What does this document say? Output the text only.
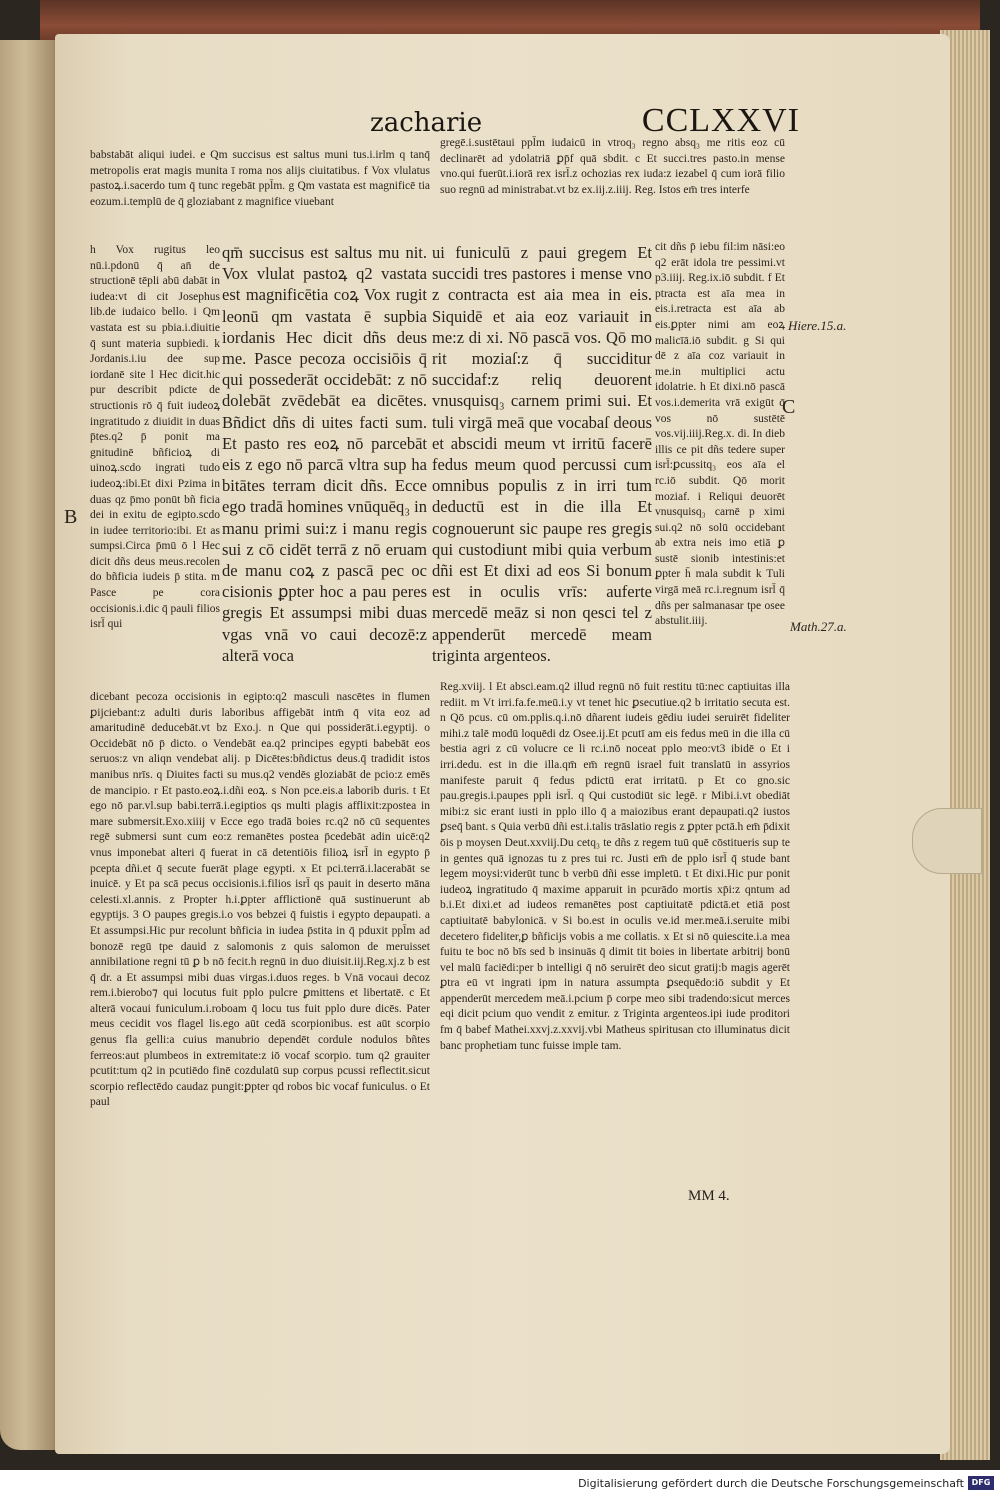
zacharie	CCLXXVI

babstabāt aliqui iudei. e Qm succisus est saltus muni tus.i.irlm q tanq̄ metropolis erat magis munita ī roma nos alijs ciuitatibus. f Vox vlulatus pastoꝝ.i.sacerdo tum q̄ tunc regebāt ppl̄m. g Qm vastata est magnificē tia eozum.i.templū de q̄ gloziabant z magnifice viuebant

gregē.i.sustētaui ppl̄m iudaicū in vtroq₃ regno absq₃ me ritis eoz cū declinarēt ad ydolatriā ꝑp̄f quā sbdit. c Et succi.tres pasto.in mense vno.qui fuerūt.i.iorā rex isrl̄.z ochozias rex iuda:z iezabel q̄ cum iorā filio suo regnū ad ministrabat.vt bz ex.iij.z.iiij. Reg. Istos em̄ tres interfe

h Vox rugitus leo nū.i.pdonū q̄ an̄ de structionē tēpli abū dabāt in iudea:vt di cit Josephus lib.de iudaico bello. i Qm vastata est su pbia.i.diuitie q̄ sunt materia supbiedi. k Jordanis.i.iu dee sup iordanē site l Hec dicit.hic pur describit pdicte de structionis rō q̄ fuit iudeoꝝ ingratitudo z diuidit in duas p̄tes.q2 p̄ ponit ma gnitudinē bñficioꝝ di uinoꝝ.scdo ingrati tudo iudeoꝝ:ibi.Et dixi Pzima in duas qz p̄mo ponūt bñ ficia dei in exitu de egipto.scdo in iudee territorio:ibi. Et as sumpsi.Circa p̄mū ō l Hec dicit dñs deus meus.recolen do bñficia iudeis p̄ stita. m Pasce pe cora occisionis.i.dic q̄ pauli filios isrl̄ qui

qm̄ succisus est saltus mu nit. Vox vlulat pastoꝝ q2 vastata est magnificētia coꝝ Vox rugit leonū qm vastata ē supbia iordanis Hec dicit dñs deus me. Pasce pecoza occisiōis q̄ qui possederāt occidebāt: z nō dolebāt zvēdebāt ea dicētes. Bñdict dñs di uites facti sum. Et pasto res eoꝝ nō parcebāt eis z ego nō parcā vltra sup ha bitātes terram dicit dñs. Ecce ego tradā homines vnūquēq₃ in manu primi sui:z i manu regis sui z cō cidēt terrā z nō eruam de manu coꝝ z pascā pec oc cisionis ꝑpter hoc a pau peres gregis Et assumpsi mibi duas vgas vnā vo caui decozē:z alterā voca

ui funiculū z paui gregem Et succidi tres pastores i mense vno z contracta est aia mea in eis. Siquidē et aia eoz variauit in me:z di xi. Nō pascā vos. Qō mo rit moziaſ:z q̄ succiditur succidaf:z reliq deuorent vnusquisq₃ carnem primi sui. Et tuli virgā meā que vocabaſ deous et abscidi meum vt irritū facerē fedus meum quod percussi cum omnibus populis z in irri tum deductū est in die illa Et cognouerunt sic paupe res gregis qui custodiunt mibi quia verbum dñi est Et dixi ad eos Si bonum est in oculis vrīs: auferte mercedē meāz si non qesci tel z appenderūt mercedē meam triginta argenteos.

cit dñs p̄ iebu fil:im nāsi:eo q2 erāt idola tre pessimi.vt p3.iiij. Reg.ix.iō subdit. f Et ptracta est aīa mea in eis.i.retracta est aīa ab eis.ꝑpter nimi am eoꝝ malicīā.iō subdit. g Si qui dē z aīa coz variauit in me.in multiplici actu idolatrie. h Et dixi.nō pascā vos.i.demerita vrā exigūt q̄ vos nō sustētē vos.vij.iiij.Reg.x. di. In dieb illis ce pit dñs tedere super isrl̄:ꝑcussitq₃ eos aīa el rc.iō subdit. Qō morit moziaf. i Reliqui deuorēt vnusquisq₃ carnē p ximi sui.q2 nō solū occidebant ab extra neis imo etiā ꝑ sustē sionib intestinis:et ꝑpter h̄ mala subdit k Tuli virgā meā rc.i.regnum isrl̄ q̄ dñs per salmanasar tpe osee abstulit.iiij.

dicebant pecoza occisionis in egipto:q2 masculi nascētes in flumen ꝑijciebant:z adulti duris laboribus affigebāt intm̄ q̄ vita eoz ad amaritudinē deducebāt.vt bz Exo.j. n Que qui possiderāt.i.egyptij. o Occidebāt nō p̄ dicto. o Vendebāt ea.q2 principes egypti babebāt eos seruos:z vn aliqn vendebat alij. p Dicētes:bñdictus deus.q̄ tradidit istos manibus nrīs. q Diuites facti su mus.q2 vendēs gloziabāt de pcio:z emēs de mancipio. r Et pasto.eoꝝ.i.dñi eoꝝ. s Non pce.eis.a laborib duris. t Et ego nō par.vl.sup babi.terrā.i.egiptios qs multi plagis afflixit:zpostea in mare submersit.Exo.xiiij v Ecce ego tradā boies rc.q2 nō cū sequentes regē submersi sunt cum eo:z remanētes postea p̄cedebāt adin uicē:q2 vnus imponebat alteri q̄ fuerat in cā detentiōis filioꝝ isrl̄ in egypto p̄ pcepta dñi.et q̄ secute fuerāt plage egypti. x Et pci.terrā.i.lacerabāt se inuicē. y Et pa scā pecus occisionis.i.filios isrl̄ qs pauit in deserto māna celesti.xl.annis. z Propter h.i.ꝑpter afflictionē quā sustinuerunt ab egyptijs. 3 O paupes gregis.i.o vos bebzei q̄ fuistis i egypto depaupati. a Et assumpsi.Hic pur recolunt bñficia in iudea p̄stita in q̄ pduxit ppl̄m ad bonozē regū tpe dauid z salomonis z quis salomon de meruisset annibilatione regni tū ꝑ b nō fecit.h regnū in duo diuisit.iij.Reg.xj.z b est q̄ dr. a Et assumpsi mibi duas virgas.i.duos reges. b Vnā vocaui decoz rem.i.bierobo⁊ qui locutus fuit pplo pulcre ꝑmittens et libertatē. c Et alterā vocaui funiculum.i.roboam q̄ locu tus fuit pplo dure dicēs. Pater meus cecidit vos flagel lis.ego aūt cedā scorpionibus. est aūt scorpio genus fla gelli:a cuius manubrio dependēt cordule nodulos bñtes ferreos:aut plumbeos in extremitate:z iō vocaf scorpio. tum q2 grauiter pcutit:tum q2 in pcutiēdo finē cozdulatū sup corpus pcussi reflectit.sicut scorpio reflectēdo caudaz pungit:ꝑpter qd robos bic vocaf funiculus. o Et paul

Reg.xviij. l Et absci.eam.q2 illud regnū nō fuit restitu tū:nec captiuitas illa rediit. m Vt irri.fa.fe.meū.i.y vt tenet hic ꝑsecutiue.q2 b irritatio secuta est. n Qō pcus. cū om.pplis.q.i.nō dñarent iudeis gēdiu iudei seruirēt fideliter mihi.z talē modū loquēdi dz Osee.ij.Et pcutī am eis fedus meū in die illa cū bestia agri z cū volucre ce li rc.i.nō noceat pplo meo:vt3 ibidē o Et i irri.dedu. est in die illa.qm̄ em̄ regnū israel fuit translatū in assyrios manifeste paruit q̄ fedus pdictū erat irritatū. p Et co gno.sic pau.gregis.i.paupes ppli isrl̄. q Qui custodiūt sic legē. r Mibi.i.vt obediāt mibi:z sic erant iusti in pplo illo q̄ a maiozibus erant depaupati.q2 iustos ꝑseq̄ bant. s Quia verbū dñi est.i.talis trāslatio regis z ꝑpter pctā.h em̄ p̄dixit ōis p moysen Deut.xxviij.Du cetq₃ te dñs z regem tuū quē cōstitueris sup te in gentes quā ignozas tu z pres tui rc. Justi em̄ de pplo isrl̄ q̄ stude bant legem moysi:viderūt tunc b verbū dñi esse impletū. t Et dixi.Hic pur ponit iudeoꝝ ingratitudo q̄ maxime apparuit in pcurādo mortis xp̄i:z qntum ad b.i.Et dixi.et ad iudeos remanētes post captiuitatē pdictā.et etiā post captiuitatē babylonicā. v Si bo.est in oculis ve.id mer.meā.i.seruite mibi decetero fideliter,ꝑ bñficijs vobis a me collatis. x Et si nō quiescite.i.a mea fuitu te boc nō bīs sed b insinuās q̄ dimit tit boies in libertate arbitrij bonū vel malū faciēdi:per b intelligi q̄ nō seruirēt deo sicut gratij:b magis agerēt ꝑtra eū vt ingrati ipm in natura assumpta ꝑsequēdo:iō subdit y Et appenderūt mercedem meā.i.pcium p̄ corpe meo sibi tradendo:sicut merces eqi dicit pcium quo vendit z emitur. z Triginta argenteos.ipi iude proditori fm q̄ babef Mathei.xxvj.z.xxvij.vbi Matheus spiritusan cto illuminatus dicit banc prophetiam tunc fuisse imple tam.

Hiere.15.a.
Math.27.a.
B
C
MM 4.
Digitalisierung gefördert durch die Deutsche Forschungsgemeinschaft DFG
